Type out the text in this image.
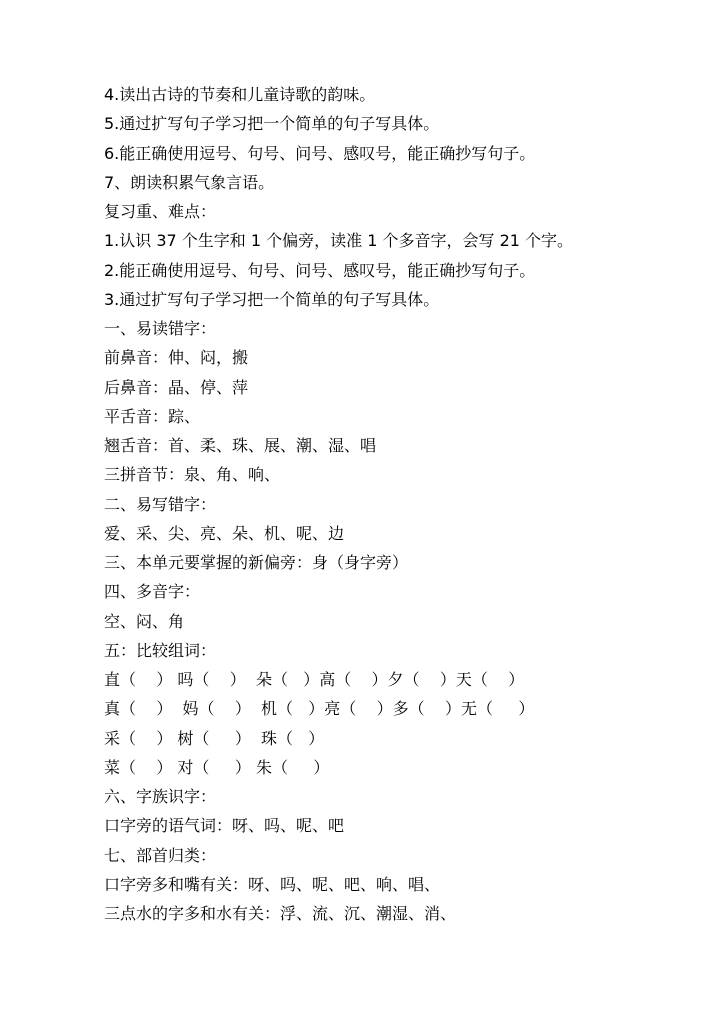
4.读出古诗的节奏和儿童诗歌的韵味。
5.通过扩写句子学习把一个简单的句子写具体。
6.能正确使用逗号、句号、问号、感叹号，能正确抄写句子。
7、朗读积累气象言语。
复习重、难点：
1.认识 37 个生字和 1 个偏旁，读准 1 个多音字，会写 21 个字。
2.能正确使用逗号、句号、问号、感叹号，能正确抄写句子。
3.通过扩写句子学习把一个简单的句子写具体。
一、易读错字：
前鼻音：伸、闷，搬
后鼻音：晶、停、萍
平舌音：踪、
翘舌音：首、柔、珠、展、潮、湿、唱
三拼音节：泉、角、响、
二、易写错字：
爱、采、尖、亮、朵、机、呢、边
三、本单元要掌握的新偏旁：身（身字旁）
四、多音字：
空、闷、角
五：比较组词：
直（    ） 吗（    ）  朵（   ）高（    ）夕（    ）天（    ）
真（    ）  妈（    ）  机（   ）亮（    ）多（    ）无（     ）
采（    ） 树（     ）  珠（   ）
菜（    ） 对（     ） 朱（     ）
六、字族识字：
口字旁的语气词：呀、吗、呢、吧
七、部首归类：
口字旁多和嘴有关：呀、吗、呢、吧、响、唱、
三点水的字多和水有关：浮、流、沉、潮湿、消、
